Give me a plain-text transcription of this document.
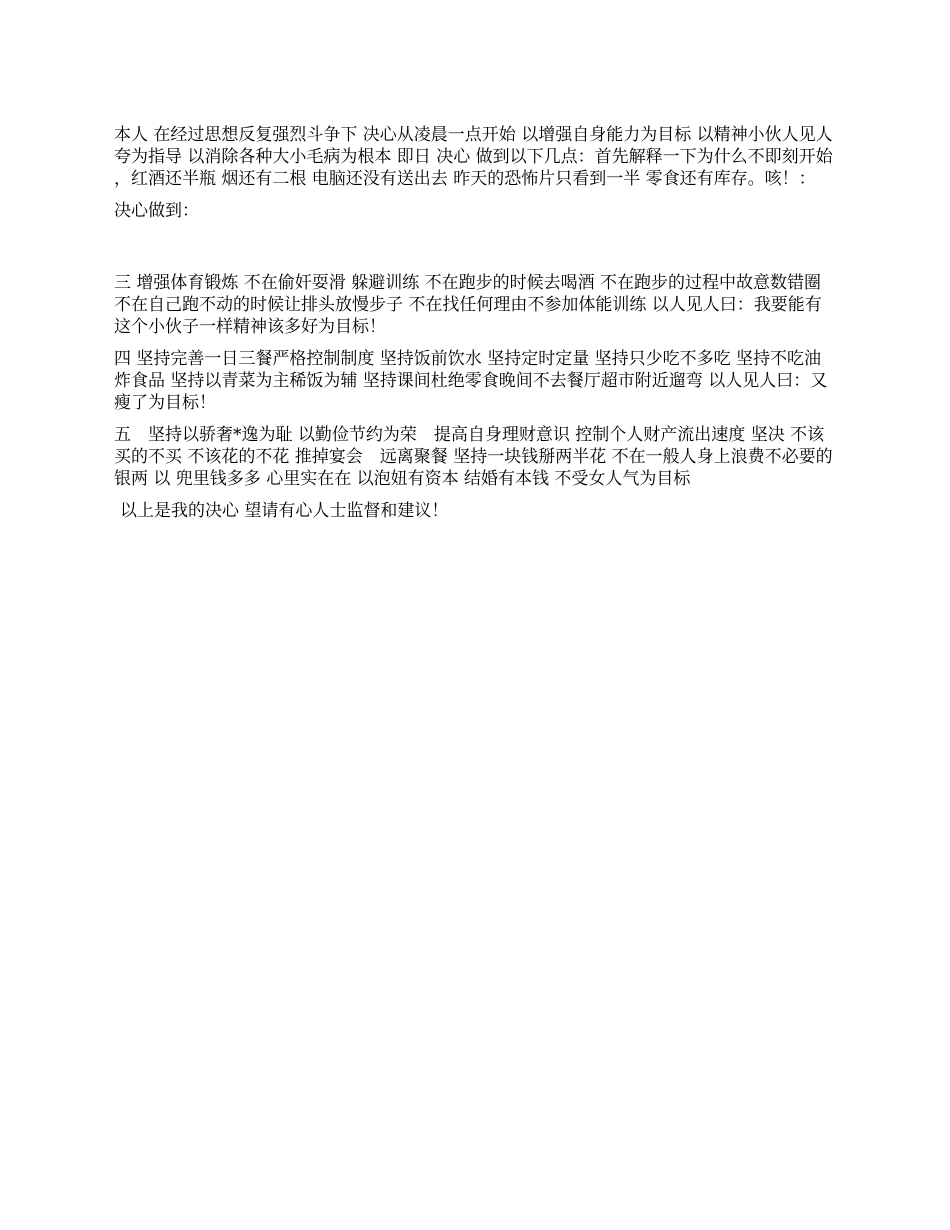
本人 在经过思想反复强烈斗争下 决心从凌晨一点开始 以增强自身能力为目标 以精神小伙人见人夸为指导 以消除各种大小毛病为根本 即日 决心 做到以下几点：首先解释一下为什么不即刻开始 ，红酒还半瓶 烟还有二根 电脑还没有送出去 昨天的恐怖片只看到一半 零食还有库存。咳！：

决心做到：

三 增强体育锻炼 不在偷奸耍滑 躲避训练 不在跑步的时候去喝酒 不在跑步的过程中故意数错圈 不在自己跑不动的时候让排头放慢步子 不在找任何理由不参加体能训练 以人见人曰：我要能有这个小伙子一样精神该多好为目标！

四 坚持完善一日三餐严格控制制度 坚持饭前饮水 坚持定时定量 坚持只少吃不多吃 坚持不吃油炸食品 坚持以青菜为主稀饭为辅 坚持课间杜绝零食晚间不去餐厅超市附近遛弯 以人见人曰：又瘦了为目标！

五　坚持以骄奢*逸为耻 以勤俭节约为荣　提高自身理财意识 控制个人财产流出速度 坚决 不该买的不买 不该花的不花 推掉宴会　远离聚餐 坚持一块钱掰两半花 不在一般人身上浪费不必要的银两 以 兜里钱多多 心里实在在 以泡妞有资本 结婚有本钱 不受女人气为目标

以上是我的决心 望请有心人士监督和建议！
